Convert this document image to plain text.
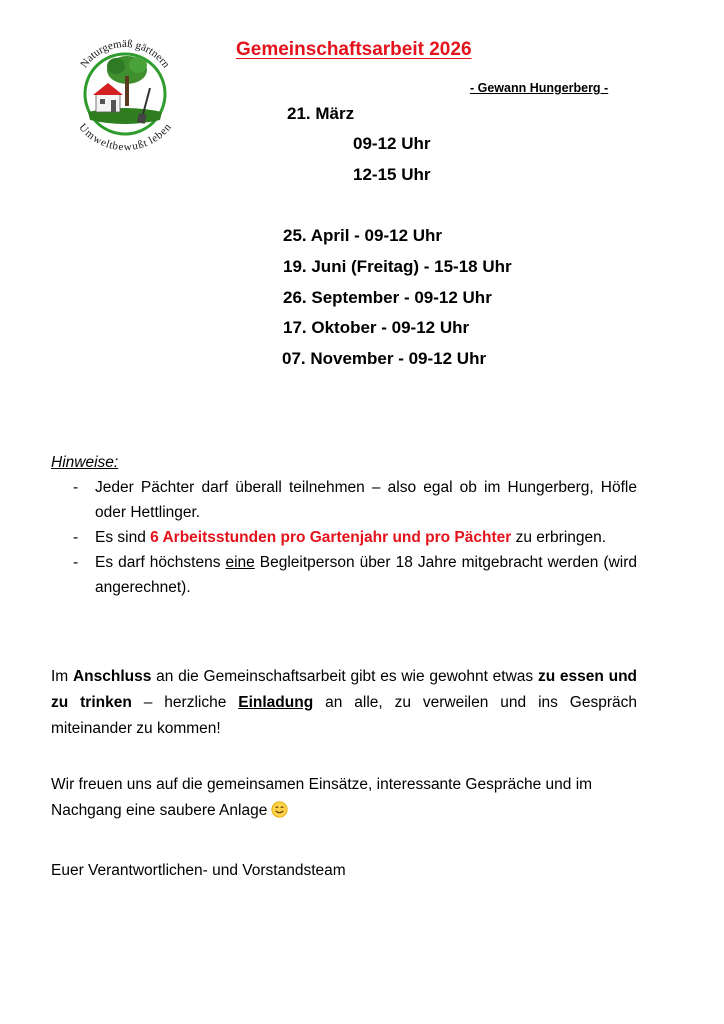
Naturgemäß gärtnern
Umweltbewußt leben
Gemeinschaftsarbeit 2026
- Gewann Hungerberg -
21. März
09-12 Uhr
12-15 Uhr
25. April - 09-12 Uhr
19. Juni (Freitag) - 15-18 Uhr
26. September - 09-12 Uhr
17. Oktober - 09-12 Uhr
07. November - 09-12 Uhr
Hinweise:
- Jeder Pächter darf überall teilnehmen – also egal ob im Hungerberg, Höfle oder Hettlinger.
- Es sind 6 Arbeitsstunden pro Gartenjahr und pro Pächter zu erbringen.
- Es darf höchstens eine Begleitperson über 18 Jahre mitgebracht werden (wird angerechnet).
Im Anschluss an die Gemeinschaftsarbeit gibt es wie gewohnt etwas zu essen und zu trinken – herzliche Einladung an alle, zu verweilen und ins Gespräch miteinander zu kommen!
Wir freuen uns auf die gemeinsamen Einsätze, interessante Gespräche und im Nachgang eine saubere Anlage
Euer Verantwortlichen- und Vorstandsteam
